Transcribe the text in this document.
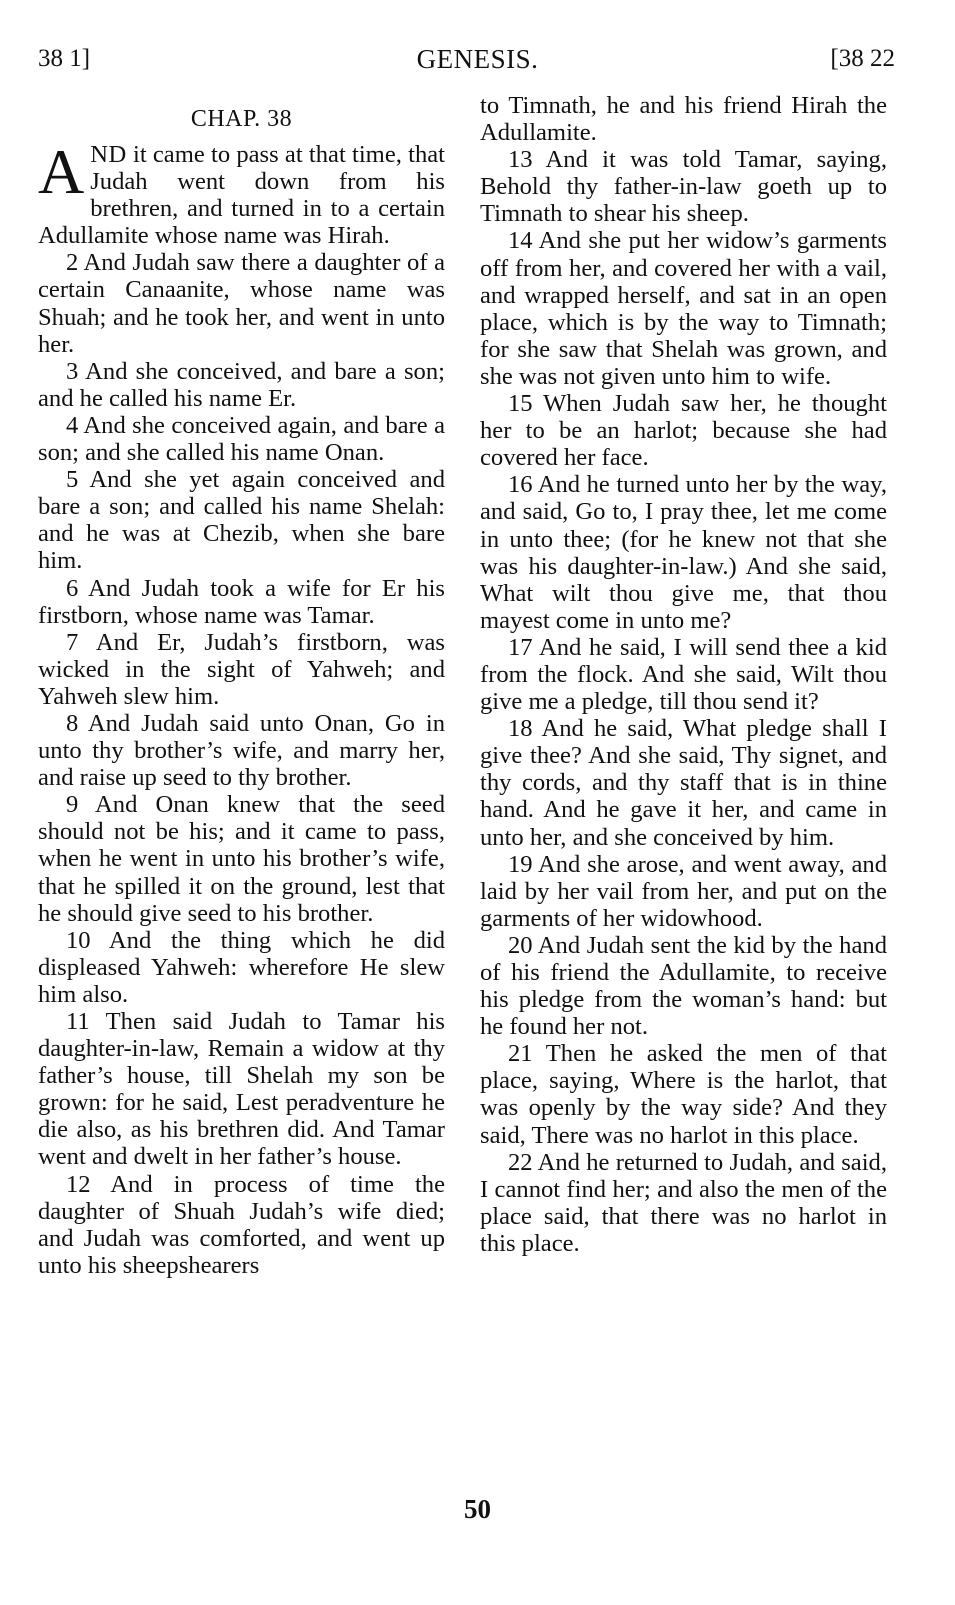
38 1]	GENESIS.	[38 22
CHAP. 38

AND it came to pass at that time, that Judah went down from his brethren, and turned in to a certain Adullamite whose name was Hirah.

2 And Judah saw there a daughter of a certain Canaanite, whose name was Shuah; and he took her, and went in unto her.

3 And she conceived, and bare a son; and he called his name Er.

4 And she conceived again, and bare a son; and she called his name Onan.

5 And she yet again conceived and bare a son; and called his name Shelah: and he was at Chezib, when she bare him.

6 And Judah took a wife for Er his firstborn, whose name was Tamar.

7 And Er, Judah’s firstborn, was wicked in the sight of Yahweh; and Yahweh slew him.

8 And Judah said unto Onan, Go in unto thy brother’s wife, and marry her, and raise up seed to thy brother.

9 And Onan knew that the seed should not be his; and it came to pass, when he went in unto his brother’s wife, that he spilled it on the ground, lest that he should give seed to his brother.

10 And the thing which he did displeased Yahweh: wherefore He slew him also.

11 Then said Judah to Tamar his daughter-in-law, Remain a widow at thy father’s house, till Shelah my son be grown: for he said, Lest peradventure he die also, as his brethren did. And Tamar went and dwelt in her father’s house.

12 And in process of time the daughter of Shuah Judah’s wife died; and Judah was comforted, and went up unto his sheepshearers

to Timnath, he and his friend Hirah the Adullamite.

13 And it was told Tamar, saying, Behold thy father-in-law goeth up to Timnath to shear his sheep.

14 And she put her widow’s garments off from her, and covered her with a vail, and wrapped herself, and sat in an open place, which is by the way to Timnath; for she saw that Shelah was grown, and she was not given unto him to wife.

15 When Judah saw her, he thought her to be an harlot; because she had covered her face.

16 And he turned unto her by the way, and said, Go to, I pray thee, let me come in unto thee; (for he knew not that she was his daughter-in-law.) And she said, What wilt thou give me, that thou mayest come in unto me?

17 And he said, I will send thee a kid from the flock. And she said, Wilt thou give me a pledge, till thou send it?

18 And he said, What pledge shall I give thee? And she said, Thy signet, and thy cords, and thy staff that is in thine hand. And he gave it her, and came in unto her, and she conceived by him.

19 And she arose, and went away, and laid by her vail from her, and put on the garments of her widowhood.

20 And Judah sent the kid by the hand of his friend the Adullamite, to receive his pledge from the woman’s hand: but he found her not.

21 Then he asked the men of that place, saying, Where is the harlot, that was openly by the way side? And they said, There was no harlot in this place.

22 And he returned to Judah, and said, I cannot find her; and also the men of the place said, that there was no harlot in this place.

50
